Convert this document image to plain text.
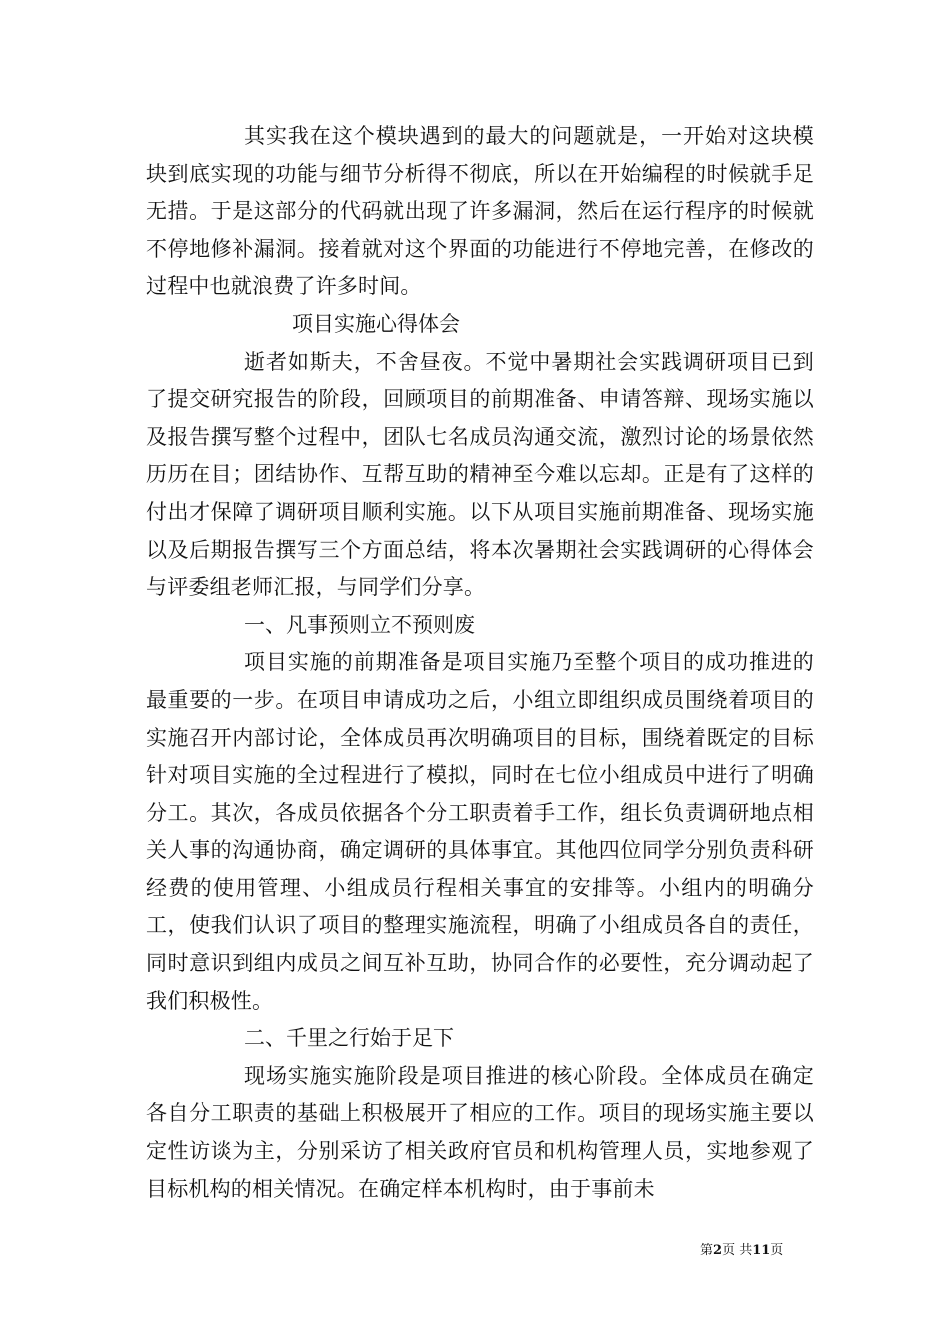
其实我在这个模块遇到的最大的问题就是，一开始对这块模块到底实现的功能与细节分析得不彻底，所以在开始编程的时候就手足无措。于是这部分的代码就出现了许多漏洞，然后在运行程序的时候就不停地修补漏洞。接着就对这个界面的功能进行不停地完善，在修改的过程中也就浪费了许多时间。

项目实施心得体会

逝者如斯夫，不舍昼夜。不觉中暑期社会实践调研项目已到了提交研究报告的阶段，回顾项目的前期准备、申请答辩、现场实施以及报告撰写整个过程中，团队七名成员沟通交流，激烈讨论的场景依然历历在目；团结协作、互帮互助的精神至今难以忘却。正是有了这样的付出才保障了调研项目顺利实施。以下从项目实施前期准备、现场实施以及后期报告撰写三个方面总结，将本次暑期社会实践调研的心得体会与评委组老师汇报，与同学们分享。

一、凡事预则立不预则废

项目实施的前期准备是项目实施乃至整个项目的成功推进的最重要的一步。在项目申请成功之后，小组立即组织成员围绕着项目的实施召开内部讨论，全体成员再次明确项目的目标，围绕着既定的目标针对项目实施的全过程进行了模拟，同时在七位小组成员中进行了明确分工。其次，各成员依据各个分工职责着手工作，组长负责调研地点相关人事的沟通协商，确定调研的具体事宜。其他四位同学分别负责科研经费的使用管理、小组成员行程相关事宜的安排等。小组内的明确分工，使我们认识了项目的整理实施流程，明确了小组成员各自的责任，同时意识到组内成员之间互补互助，协同合作的必要性，充分调动起了我们积极性。

二、千里之行始于足下

现场实施实施阶段是项目推进的核心阶段。全体成员在确定各自分工职责的基础上积极展开了相应的工作。项目的现场实施主要以定性访谈为主，分别采访了相关政府官员和机构管理人员，实地参观了目标机构的相关情况。在确定样本机构时，由于事前未

第2页 共11页
